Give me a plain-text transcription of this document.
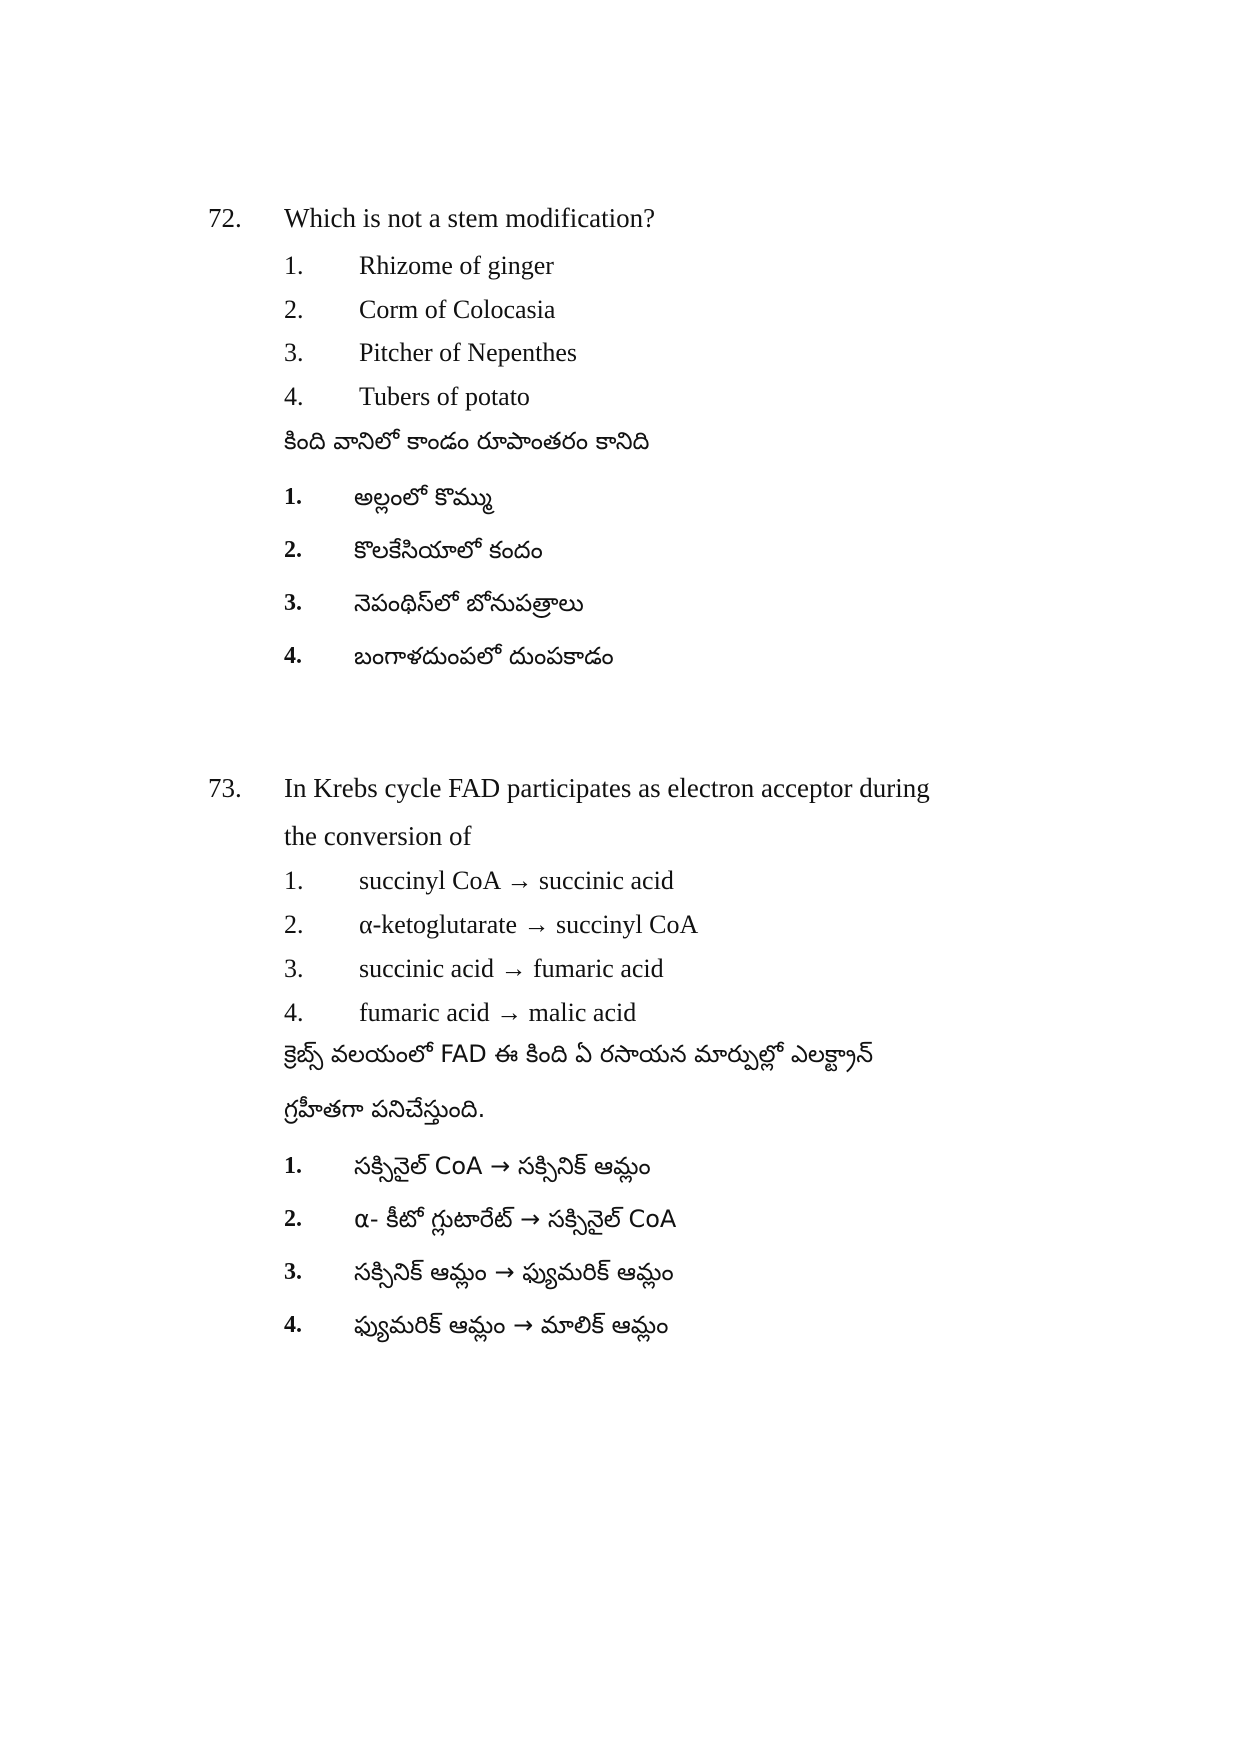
72. Which is not a stem modification?
1. Rhizome of ginger
2. Corm of Colocasia
3. Pitcher of Nepenthes
4. Tubers of potato
కింది వానిలో కాండం రూపాంతరం కానిది
1. అల్లంలో కొమ్ము
2. కొలకేసియాలో కందం
3. నెపంథిస్‌లో బోనుపత్రాలు
4. బంగాళదుంపలో దుంపకాడం
73. In Krebs cycle FAD participates as electron acceptor during
the conversion of
1. succinyl CoA → succinic acid
2. α-ketoglutarate → succinyl CoA
3. succinic acid → fumaric acid
4. fumaric acid → malic acid
క్రెబ్స్ వలయంలో FAD ఈ కింది ఏ రసాయన మార్పుల్లో ఎలక్ట్రాన్
గ్రహీతగా పనిచేస్తుంది.
1. సక్సినైల్ CoA → సక్సినిక్ ఆమ్లం
2. α- కీటో గ్లుటారేట్ → సక్సినైల్ CoA
3. సక్సినిక్ ఆమ్లం → ఫ్యుమరిక్ ఆమ్లం
4. ఫ్యుమరిక్ ఆమ్లం → మాలిక్ ఆమ్లం
